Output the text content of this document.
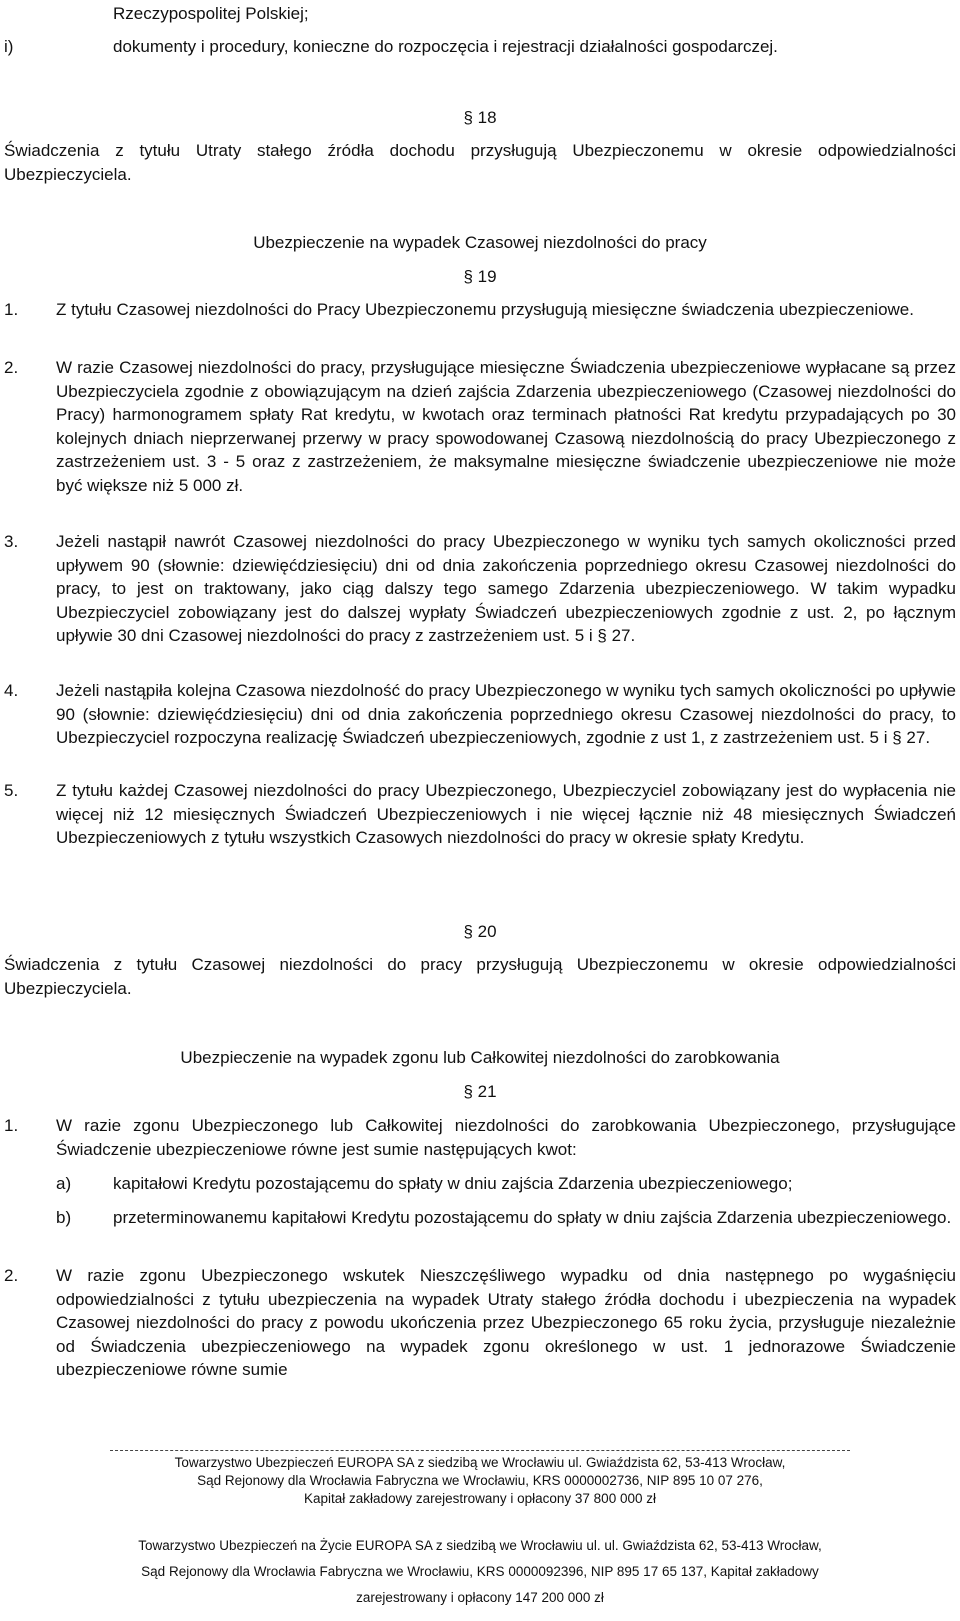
Rzeczypospolitej Polskiej;
i)	dokumenty i procedury, konieczne do rozpoczęcia i rejestracji działalności gospodarczej.
§ 18
Świadczenia z tytułu Utraty stałego źródła dochodu przysługują Ubezpieczonemu w okresie odpowiedzialności Ubezpieczyciela.
Ubezpieczenie na wypadek Czasowej niezdolności do pracy
§ 19
1. Z tytułu Czasowej niezdolności do Pracy Ubezpieczonemu przysługują miesięczne świadczenia ubezpieczeniowe.
2. W razie Czasowej niezdolności do pracy, przysługujące miesięczne Świadczenia ubezpieczeniowe wypłacane są przez Ubezpieczyciela zgodnie z obowiązującym na dzień zajścia Zdarzenia ubezpieczeniowego (Czasowej niezdolności do Pracy) harmonogramem spłaty Rat kredytu, w kwotach oraz terminach płatności Rat kredytu przypadających po 30 kolejnych dniach nieprzerwanej przerwy w pracy spowodowanej Czasową niezdolnością do pracy Ubezpieczonego z zastrzeżeniem ust. 3 - 5 oraz z zastrzeżeniem, że maksymalne miesięczne świadczenie ubezpieczeniowe nie może być większe niż 5 000 zł.
3. Jeżeli nastąpił nawrót Czasowej niezdolności do pracy Ubezpieczonego w wyniku tych samych okoliczności przed upływem 90 (słownie: dziewięćdziesięciu) dni od dnia zakończenia poprzedniego okresu Czasowej niezdolności do pracy, to jest on traktowany, jako ciąg dalszy tego samego Zdarzenia ubezpieczeniowego. W takim wypadku Ubezpieczyciel zobowiązany jest do dalszej wypłaty Świadczeń ubezpieczeniowych zgodnie z ust. 2, po łącznym upływie 30 dni Czasowej niezdolności do pracy z zastrzeżeniem ust. 5 i § 27.
4. Jeżeli nastąpiła kolejna Czasowa niezdolność do pracy Ubezpieczonego w wyniku tych samych okoliczności po upływie 90 (słownie: dziewięćdziesięciu) dni od dnia zakończenia poprzedniego okresu Czasowej niezdolności do pracy, to Ubezpieczyciel rozpoczyna realizację Świadczeń ubezpieczeniowych, zgodnie z ust 1, z zastrzeżeniem ust. 5 i § 27.
5. Z tytułu każdej Czasowej niezdolności do pracy Ubezpieczonego, Ubezpieczyciel zobowiązany jest do wypłacenia nie więcej niż 12 miesięcznych Świadczeń Ubezpieczeniowych i nie więcej łącznie niż 48 miesięcznych Świadczeń Ubezpieczeniowych z tytułu wszystkich Czasowych niezdolności do pracy w okresie spłaty Kredytu.
§ 20
Świadczenia z tytułu Czasowej niezdolności do pracy przysługują Ubezpieczonemu w okresie odpowiedzialności Ubezpieczyciela.
Ubezpieczenie na wypadek zgonu lub Całkowitej niezdolności do zarobkowania
§ 21
1. W razie zgonu Ubezpieczonego lub Całkowitej niezdolności do zarobkowania Ubezpieczonego, przysługujące Świadczenie ubezpieczeniowe równe jest sumie następujących kwot:
a)	kapitałowi Kredytu pozostającemu do spłaty w dniu zajścia Zdarzenia ubezpieczeniowego;
b)	przeterminowanemu kapitałowi Kredytu pozostającemu do spłaty w dniu zajścia Zdarzenia ubezpieczeniowego.
2. W razie zgonu Ubezpieczonego wskutek Nieszczęśliwego wypadku od dnia następnego po wygaśnięciu odpowiedzialności z tytułu ubezpieczenia na wypadek Utraty stałego źródła dochodu i ubezpieczenia na wypadek Czasowej niezdolności do pracy z powodu ukończenia przez Ubezpieczonego 65 roku życia, przysługuje niezależnie od Świadczenia ubezpieczeniowego na wypadek zgonu określonego w ust. 1 jednorazowe Świadczenie ubezpieczeniowe równe sumie
Towarzystwo Ubezpieczeń EUROPA SA z siedzibą we Wrocławiu ul. Gwiaździsta 62, 53-413 Wrocław,
Sąd Rejonowy dla Wrocławia Fabryczna we Wrocławiu, KRS 0000002736, NIP 895 10 07 276,
Kapitał zakładowy zarejestrowany i opłacony 37 800 000 zł
Towarzystwo Ubezpieczeń na Życie EUROPA SA z siedzibą we Wrocławiu ul. ul. Gwiaździsta 62, 53-413 Wrocław,
Sąd Rejonowy dla Wrocławia Fabryczna we Wrocławiu, KRS 0000092396, NIP 895 17 65 137, Kapitał zakładowy
zarejestrowany i opłacony 147 200 000 zł
